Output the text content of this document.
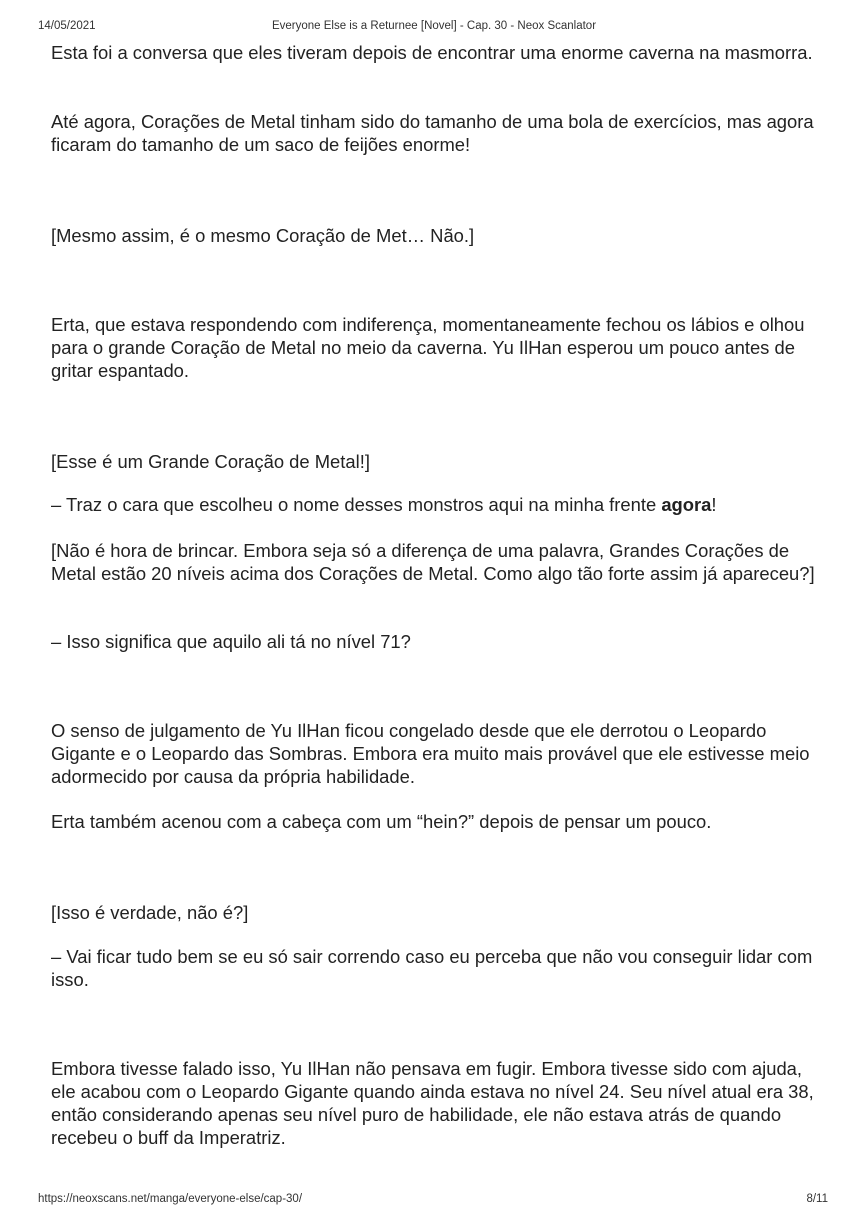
14/05/2021	Everyone Else is a Returnee [Novel] - Cap. 30 - Neox Scanlator

Esta foi a conversa que eles tiveram depois de encontrar uma enorme caverna na masmorra.

Até agora, Corações de Metal tinham sido do tamanho de uma bola de exercícios, mas agora ficaram do tamanho de um saco de feijões enorme!

[Mesmo assim, é o mesmo Coração de Met… Não.]

Erta, que estava respondendo com indiferença, momentaneamente fechou os lábios e olhou para o grande Coração de Metal no meio da caverna. Yu IlHan esperou um pouco antes de gritar espantado.

[Esse é um Grande Coração de Metal!]

– Traz o cara que escolheu o nome desses monstros aqui na minha frente agora!

[Não é hora de brincar. Embora seja só a diferença de uma palavra, Grandes Corações de Metal estão 20 níveis acima dos Corações de Metal. Como algo tão forte assim já apareceu?]

– Isso significa que aquilo ali tá no nível 71?

O senso de julgamento de Yu IlHan ficou congelado desde que ele derrotou o Leopardo Gigante e o Leopardo das Sombras. Embora era muito mais provável que ele estivesse meio adormecido por causa da própria habilidade.

Erta também acenou com a cabeça com um “hein?” depois de pensar um pouco.

[Isso é verdade, não é?]

– Vai ficar tudo bem se eu só sair correndo caso eu perceba que não vou conseguir lidar com isso.

Embora tivesse falado isso, Yu IlHan não pensava em fugir. Embora tivesse sido com ajuda, ele acabou com o Leopardo Gigante quando ainda estava no nível 24. Seu nível atual era 38, então considerando apenas seu nível puro de habilidade, ele não estava atrás de quando recebeu o buff da Imperatriz.

https://neoxscans.net/manga/everyone-else/cap-30/	8/11
